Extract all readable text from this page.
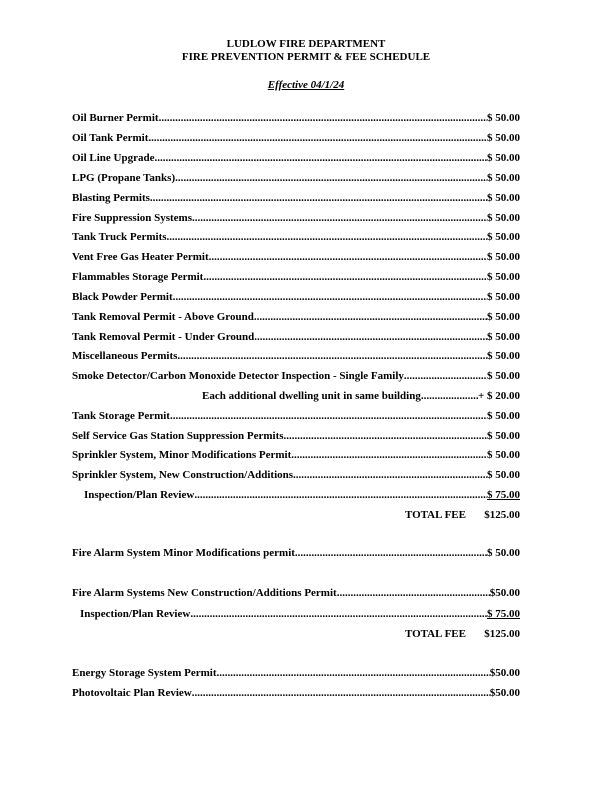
LUDLOW FIRE DEPARTMENT
FIRE PREVENTION PERMIT & FEE SCHEDULE
Effective 04/1/24
Oil Burner Permit .....	$ 50.00
Oil Tank Permit .....	$ 50.00
Oil Line Upgrade .....	$ 50.00
LPG (Propane Tanks) .....	$ 50.00
Blasting Permits .....	$ 50.00
Fire Suppression Systems .....	$ 50.00
Tank Truck Permits .....	$ 50.00
Vent Free Gas Heater Permit .....	$ 50.00
Flammables Storage Permit .....	$ 50.00
Black Powder Permit .....	$ 50.00
Tank Removal Permit - Above Ground .....	$ 50.00
Tank Removal Permit - Under Ground .....	$ 50.00
Miscellaneous Permits .....	$ 50.00
Smoke Detector/Carbon Monoxide Detector Inspection - Single Family .....	$ 50.00
Each additional dwelling unit in same building .....	+ $ 20.00
Tank Storage Permit .....	$ 50.00
Self Service Gas Station Suppression Permits .....	$ 50.00
Sprinkler System, Minor Modifications Permit .....	$ 50.00
Sprinkler System, New Construction/Additions .....	$ 50.00
Inspection/Plan Review .....	$ 75.00
TOTAL FEE $125.00
Fire Alarm System Minor Modifications permit .....	$ 50.00
Fire Alarm Systems New Construction/Additions Permit .....	$50.00
Inspection/Plan Review .....	$ 75.00
TOTAL FEE $125.00
Energy Storage System Permit .....	$50.00
Photovoltaic Plan Review .....	$50.00
